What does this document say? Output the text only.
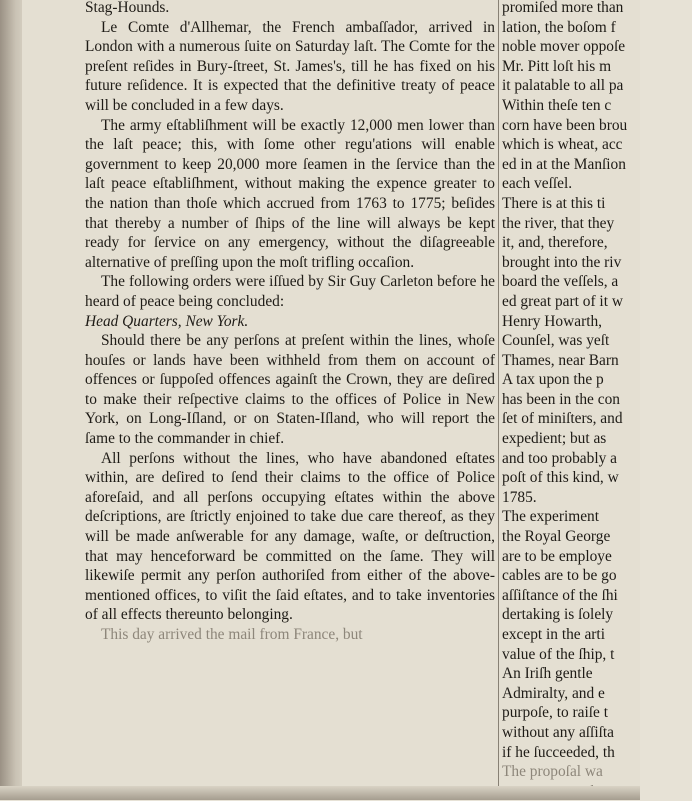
Stag-Hounds.

Le Comte d'Allhemar, the French ambaſſador, arrived in London with a numerous ſuite on Saturday laſt. The Comte for the preſent reſides in Bury-ſtreet, St. James's, till he has fixed on his future reſidence. It is expected that the definitive treaty of peace will be concluded in a few days.

The army eſtabliſhment will be exactly 12,000 men lower than the laſt peace; this, with ſome other regu'ations will enable government to keep 20,000 more ſeamen in the ſervice than the laſt peace eſtabliſhment, without making the expence greater to the nation than thoſe which accrued from 1763 to 1775; beſides that thereby a number of ſhips of the line will always be kept ready for ſervice on any emergency, without the diſagreeable alternative of preſſing upon the moſt trifling occaſion.

The following orders were iſſued by Sir Guy Carleton before he heard of peace being concluded:

Head Quarters, New York.

Should there be any perſons at preſent within the lines, whoſe houſes or lands have been withheld from them on account of offences or ſuppoſed offences againſt the Crown, they are deſired to make their reſpective claims to the offices of Police in New York, on Long-Iſland, or on Staten-Iſland, who will report the ſame to the commander in chief.

All perſons without the lines, who have abandoned eſtates within, are deſired to ſend their claims to the office of Police aforeſaid, and all perſons occupying eſtates within the above deſcriptions, are ſtrictly enjoined to take due care thereof, as they will be made anſwerable for any damage, waſte, or deſtruction, that may henceforward be committed on the ſame. They will likewiſe permit any perſon authoriſed from either of the above-mentioned offices, to viſit the ſaid eſtates, and to take inventories of all effects thereunto belonging.

This day arrived the mail from France, but

promiſed more than

lation, the boſom f

noble mover oppoſe

Mr. Pitt loſt his m

it palatable to all pa

Within theſe ten c

corn have been brou

which is wheat, acc

ed in at the Manſion

each veſſel.

There is at this ti

the river, that they

it, and, therefore,

brought into the riv

board the veſſels, a

ed great part of it w

Henry Howarth,

Counſel, was yeſt

Thames, near Barn

A tax upon the p

has been in the con

ſet of miniſters, and

expedient; but as

and too probably a

poſt of this kind, w

1785.

The experiment

the Royal George

are to be employe

cables are to be go

aſſiſtance of the ſhi

dertaking is ſolely

except in the arti

value of the ſhip, t

An Iriſh gentle

Admiralty, and e

purpoſe, to raiſe t

without any aſſiſta

if he ſucceeded, th

The propoſal wa
